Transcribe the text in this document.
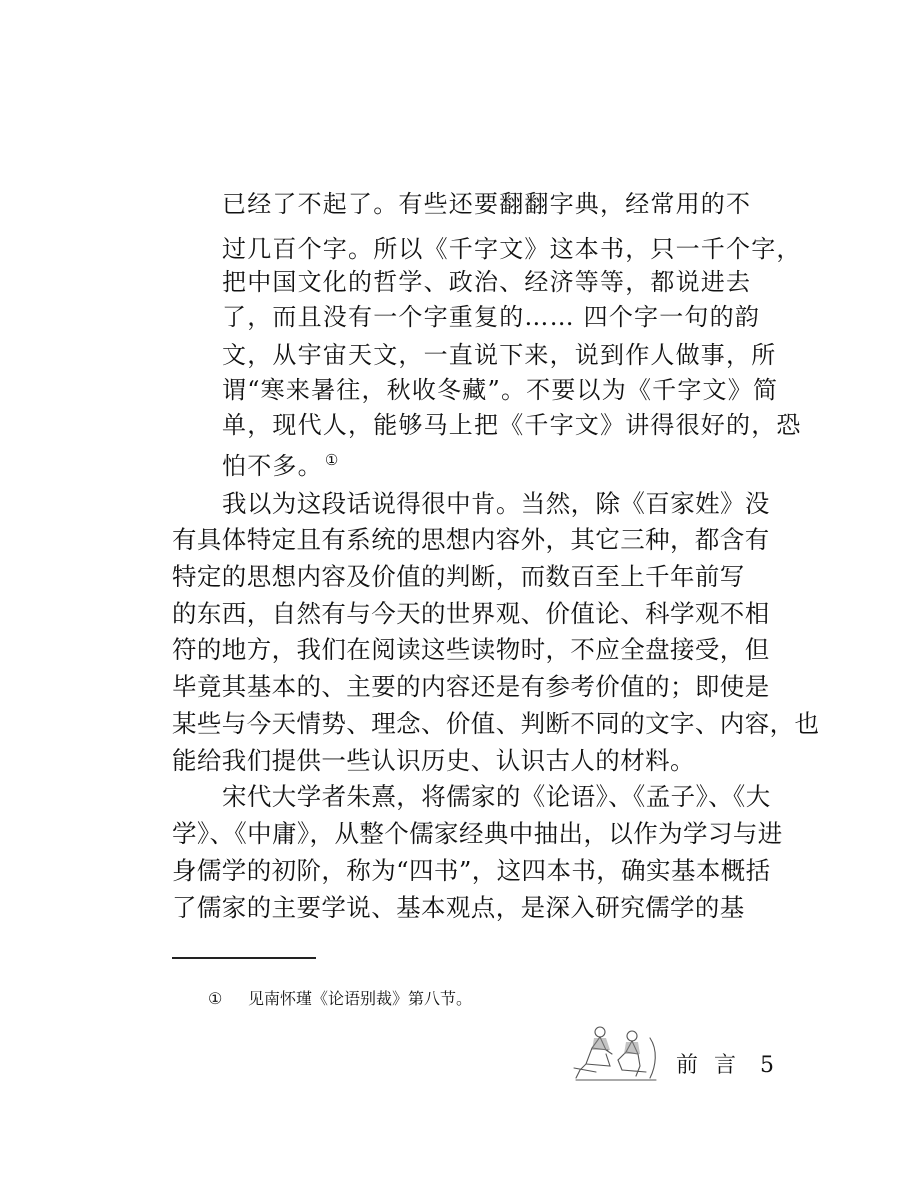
已经了不起了。有些还要翻翻字典，经常用的不
过几百个字。所以《千字文》这本书，只一千个字，
把中国文化的哲学、政治、经济等等，都说进去
了，而且没有一个字重复的…… 四个字一句的韵
文，从宇宙天文，一直说下来，说到作人做事，所
谓“寒来暑往，秋收冬藏”。不要以为《千字文》简
单，现代人，能够马上把《千字文》讲得很好的，恐
怕不多。 ①
我以为这段话说得很中肯。当然，除《百家姓》没
有具体特定且有系统的思想内容外，其它三种，都含有
特定的思想内容及价值的判断，而数百至上千年前写
的东西，自然有与今天的世界观、价值论、科学观不相
符的地方，我们在阅读这些读物时，不应全盘接受，但
毕竟其基本的、主要的内容还是有参考价值的；即使是
某些与今天情势、理念、价值、判断不同的文字、内容，也
能给我们提供一些认识历史、认识古人的材料。
宋代大学者朱熹，将儒家的《论语》、《孟子》、《大
学》、《中庸》，从整个儒家经典中抽出，以作为学习与进
身儒学的初阶，称为“四书”，这四本书，确实基本概括
了儒家的主要学说、基本观点，是深入研究儒学的基
① 见南怀瑾《论语别裁》第八节。
前言 5
